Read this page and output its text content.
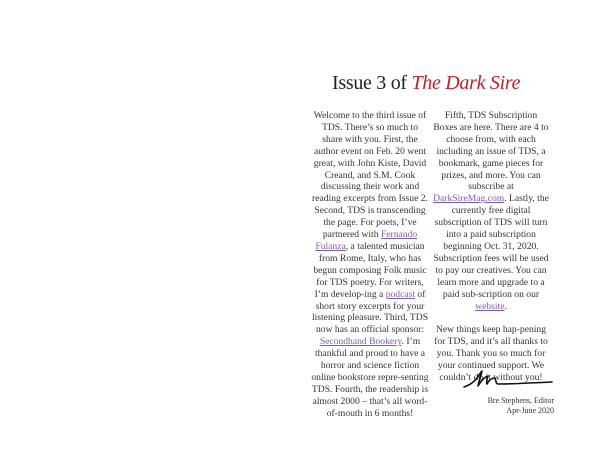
Issue 3 of The Dark Sire

Welcome to the third issue of TDS. There’s so much to share with you. First, the author event on Feb. 20 went great, with John Kiste, David Creand, and S.M. Cook discussing their work and reading excerpts from Issue 2. Second, TDS is transcending the page. For poets, I’ve partnered with Fernando Fulanza, a talented musician from Rome, Italy, who has begun composing Folk music for TDS poetry. For writers, I’m develop-ing a podcast of short story excerpts for your listening pleasure. Third, TDS now has an official sponsor: Secondhand Bookery. I’m thankful and proud to have a horror and science fiction online bookstore repre-senting TDS. Fourth, the readership is almost 2000 – that’s all word-of-mouth in 6 months!

Fifth, TDS Subscription Boxes are here. There are 4 to choose from, with each including an issue of TDS, a bookmark, game pieces for prizes, and more. You can subscribe at DarkSireMag.com. Lastly, the currently free digital subscription of TDS will turn into a paid subscription beginning Oct. 31, 2020. Subscription fees will be used to pay our creatives. You can learn more and upgrade to a paid sub-scription on our website.

New things keep hap-pening for TDS, and it’s all thanks to you. Thank you so much for your continued support. We couldn’t do it without you!

Bre Stephens, Editor
Apr-June 2020
